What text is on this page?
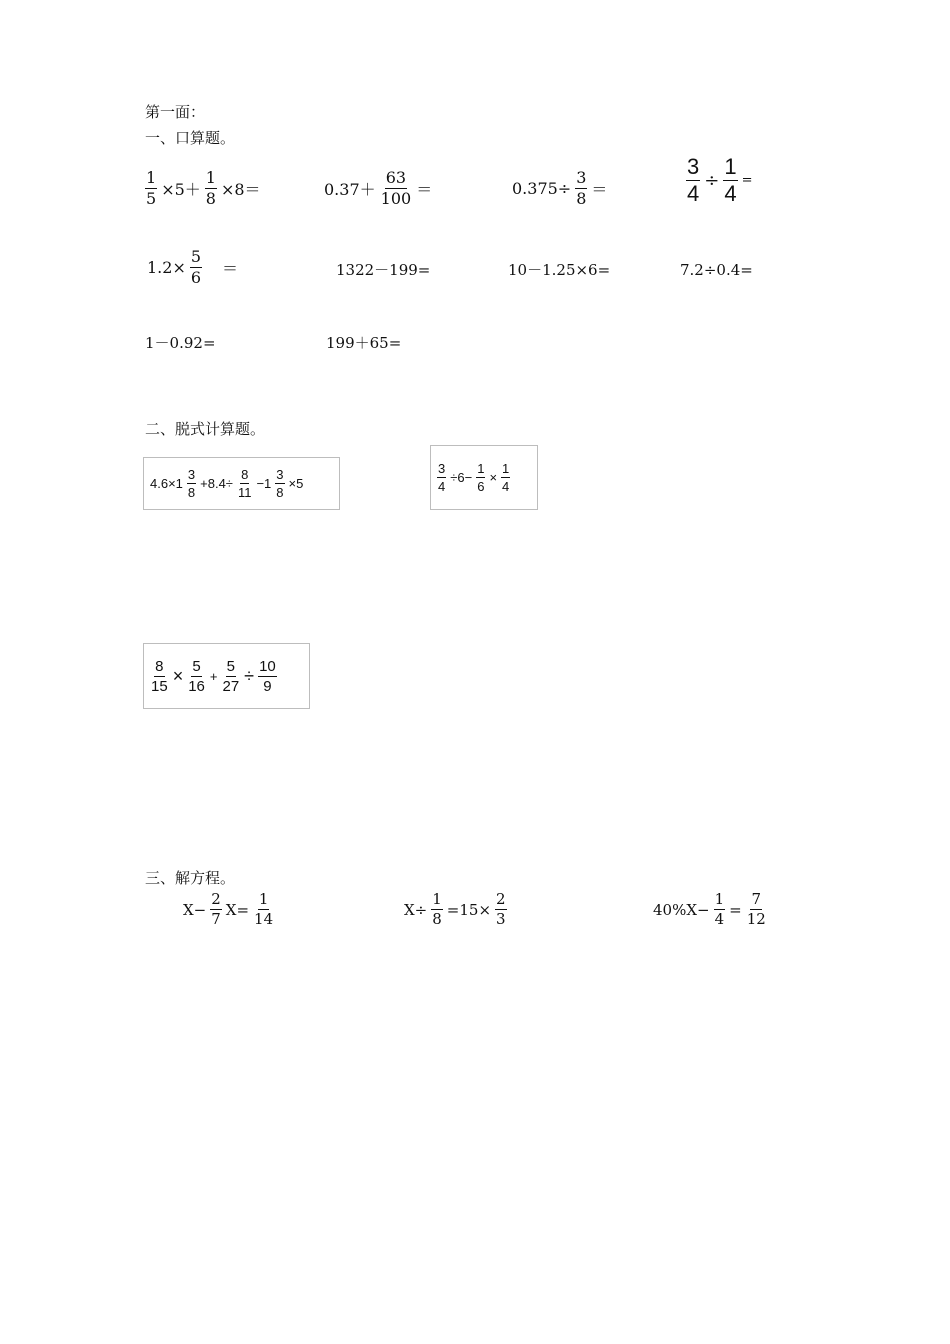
第一面：
一、口算题。
二、脱式计算题。
三、解方程。
$\frac{1}{5} \times 5+ \frac{1}{8} \times 8=$	$0.37+ \frac{63}{100}$ ＝	$0.375\div \frac{3}{8}$ ＝	$\frac{3}{4} \div \frac{1}{4}$ =
$1.2\times \frac{5}{6}$	＝	1322－199=	10－1.25×6=	7.2÷0.4=
1－0.92=	199＋65=
$4.6\times 1 \frac{3}{8} +8.4\div \frac{8}{11} -1 \frac{3}{8} \times 5$	$\frac{3}{4} \div 6- \frac{1}{6} \times \frac{1}{4}$
$\frac{8}{15} \times \frac{5}{16} + \frac{5}{27} \div \frac{10}{9}$
$X- \frac{2}{7} X= \frac{1}{14}$	$X\div \frac{1}{8} =15\times \frac{2}{3}$	$40\%X- \frac{1}{4} = \frac{7}{12}$
